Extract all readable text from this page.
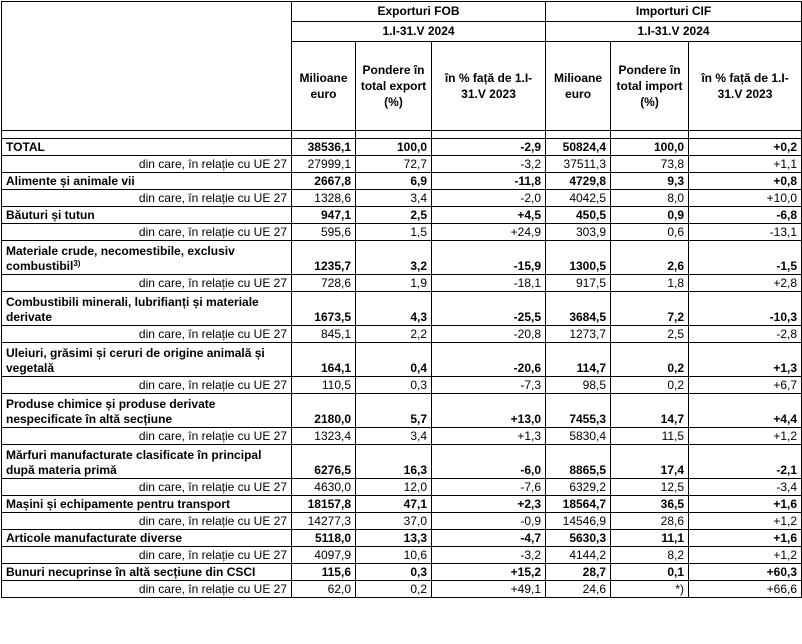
	Exporturi FOB			Importuri CIF		
	1.I-31.V 2024			1.I-31.V 2024		
	Milioane euro	Pondere în total export (%)	în % față de 1.I-31.V 2023	Milioane euro	Pondere în total import (%)	în % față de 1.I-31.V 2023

TOTAL	38536,1	100,0	-2,9	50824,4	100,0	+0,2
din care, în relație cu UE 27	27999,1	72,7	-3,2	37511,3	73,8	+1,1
Alimente și animale vii	2667,8	6,9	-11,8	4729,8	9,3	+0,8
din care, în relație cu UE 27	1328,6	3,4	-2,0	4042,5	8,0	+10,0
Băuturi și tutun	947,1	2,5	+4,5	450,5	0,9	-6,8
din care, în relație cu UE 27	595,6	1,5	+24,9	303,9	0,6	-13,1
Materiale crude, necomestibile, exclusiv combustibil$^{3)}$	1235,7	3,2	-15,9	1300,5	2,6	-1,5
din care, în relație cu UE 27	728,6	1,9	-18,1	917,5	1,8	+2,8
Combustibili minerali, lubrifianți și materiale derivate	1673,5	4,3	-25,5	3684,5	7,2	-10,3
din care, în relație cu UE 27	845,1	2,2	-20,8	1273,7	2,5	-2,8
Uleiuri, grăsimi și ceruri de origine animală și vegetală	164,1	0,4	-20,6	114,7	0,2	+1,3
din care, în relație cu UE 27	110,5	0,3	-7,3	98,5	0,2	+6,7
Produse chimice și produse derivate nespecificate în altă secțiune	2180,0	5,7	+13,0	7455,3	14,7	+4,4
din care, în relație cu UE 27	1323,4	3,4	+1,3	5830,4	11,5	+1,2
Mărfuri manufacturate clasificate în principal după materia primă	6276,5	16,3	-6,0	8865,5	17,4	-2,1
din care, în relație cu UE 27	4630,0	12,0	-7,6	6329,2	12,5	-3,4
Mașini și echipamente pentru transport	18157,8	47,1	+2,3	18564,7	36,5	+1,6
din care, în relație cu UE 27	14277,3	37,0	-0,9	14546,9	28,6	+1,2
Articole manufacturate diverse	5118,0	13,3	-4,7	5630,3	11,1	+1,6
din care, în relație cu UE 27	4097,9	10,6	-3,2	4144,2	8,2	+1,2
Bunuri necuprinse în altă secțiune din CSCI	115,6	0,3	+15,2	28,7	0,1	+60,3
din care, în relație cu UE 27	62,0	0,2	+49,1	24,6	*)	+66,6
